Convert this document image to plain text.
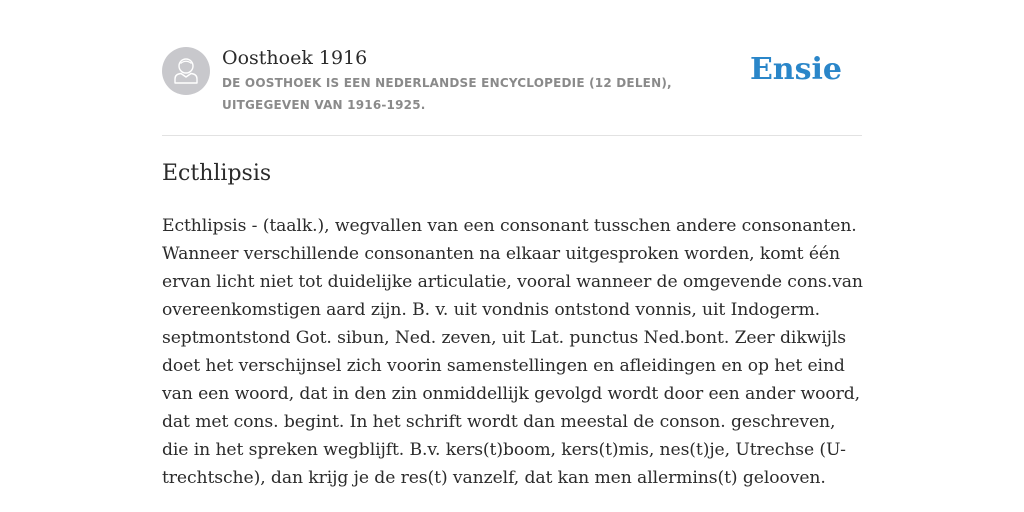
Oosthoek 1916
DE OOSTHOEK IS EEN NEDERLANDSE ENCYCLOPEDIE (12 DELEN), UITGEGEVEN VAN 1916-1925.
Ensie
Ecthlipsis

Ecthlipsis - (taalk.), wegvallen van een consonant tusschen andere consonanten. Wanneer verschillende consonanten na elkaar uitgesproken worden, komt één ervan licht niet tot duidelijke articulatie, vooral wanneer de omgevende cons.van overeenkomstigen aard zijn. B. v. uit vondnis ontstond vonnis, uit Indogerm. septmontstond Got. sibun, Ned. zeven, uit Lat. punctus Ned.bont. Zeer dikwijls doet het verschijnsel zich voorin samenstellingen en afleidingen en op het eind van een woord, dat in den zin onmiddellijk gevolgd wordt door een ander woord, dat met cons. begint. In het schrift wordt dan meestal de conson. geschreven, die in het spreken wegblijft. B.v. kers(t)boom, kers(t)mis, nes(t)je, Utrechse (U-trechtsche), dan krijg je de res(t) vanzelf, dat kan men allermins(t) gelooven.
